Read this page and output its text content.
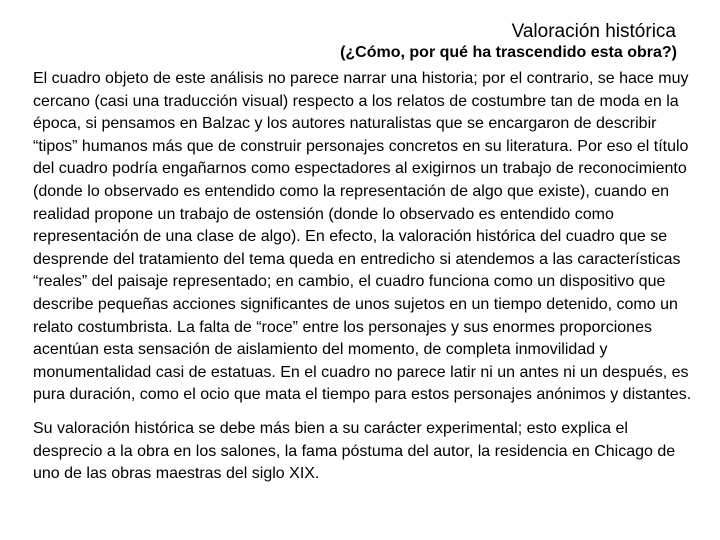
Valoración histórica
(¿Cómo, por qué ha trascendido esta obra?)

El cuadro objeto de este análisis no parece narrar una historia; por el contrario, se hace muy cercano (casi una traducción visual) respecto a los relatos de costumbre tan de moda en la época, si pensamos en Balzac y los autores naturalistas que se encargaron de describir “tipos” humanos más que de construir personajes concretos en su literatura. Por eso el título del cuadro podría engañarnos como espectadores al exigirnos un trabajo de reconocimiento (donde lo observado es entendido como la representación de algo que existe), cuando en realidad propone un trabajo de ostensión (donde lo observado es entendido como representación de una clase de algo). En efecto, la valoración histórica del cuadro que se desprende del tratamiento del tema queda en entredicho si atendemos a las características “reales” del paisaje representado; en cambio, el cuadro funciona como un dispositivo que describe pequeñas acciones significantes de unos sujetos en un tiempo detenido, como un relato costumbrista. La falta de “roce” entre los personajes y sus enormes proporciones acentúan esta sensación de aislamiento del momento, de completa inmovilidad y monumentalidad casi de estatuas. En el cuadro no parece latir ni un antes ni un después, es pura duración, como el ocio que mata el tiempo para estos personajes anónimos y distantes.

Su valoración histórica se debe más bien a su carácter experimental; esto explica el desprecio a la obra en los salones, la fama póstuma del autor, la residencia en Chicago de uno de las obras maestras del siglo XIX.
